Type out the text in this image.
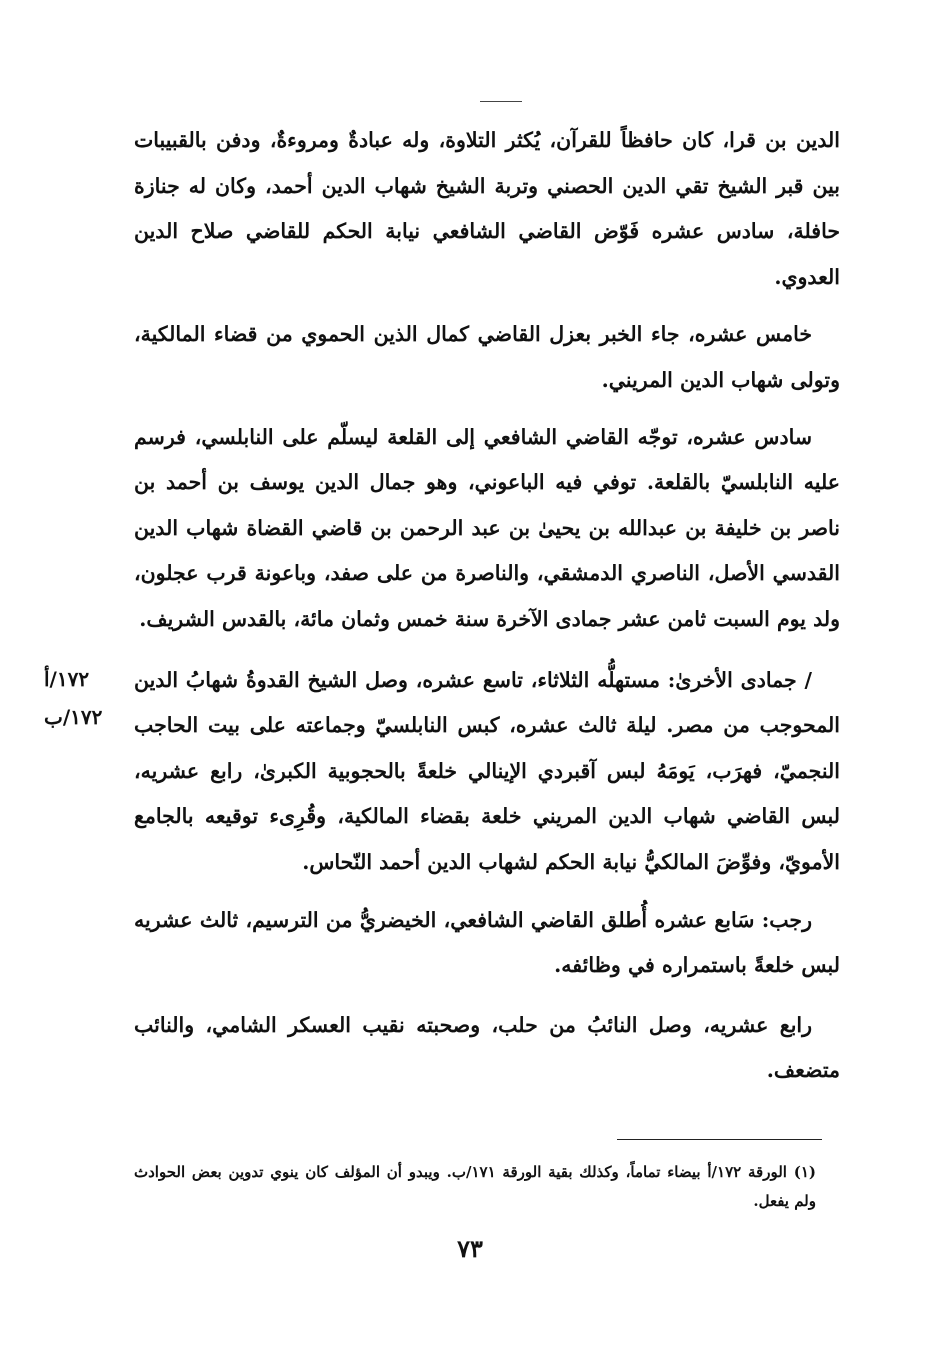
الدين بن قرا، كان حافظاً للقرآن، يُكثر التلاوة، وله عبادةٌ ومروءةٌ، ودفن بالقبيبات بين قبر الشيخ تقي الدين الحصني وتربة الشيخ شهاب الدين أحمد، وكان له جنازة حافلة، سادس عشره فَوّض القاضي الشافعي نيابة الحكم للقاضي صلاح الدين العدوي.

خامس عشره، جاء الخبر بعزل القاضي كمال الذين الحموي من قضاء المالكية، وتولى شهاب الدين المريني.

سادس عشره، توجّه القاضي الشافعي إلى القلعة ليسلّم على النابلسي، فرسم عليه النابلسيّ بالقلعة. توفي فيه الباعوني، وهو جمال الدين يوسف بن أحمد بن ناصر بن خليفة بن عبدالله بن يحيىٰ بن عبد الرحمن بن قاضي القضاة شهاب الدين القدسي الأصل، الناصري الدمشقي، والناصرة من على صفد، وباعونة قرب عجلون، ولد يوم السبت ثامن عشر جمادى الآخرة سنة خمس وثمان مائة، بالقدس الشريف.

/ جمادى الأخرىٰ: مستهلُّه الثلاثاء، تاسع عشره، وصل الشيخ القدوةُ شهابُ الدين المحوجب من مصر. ليلة ثالث عشره، كبس النابلسيّ وجماعته على بيت الحاجب النجميّ، فهرَب، يَومَهُ لبس آقبردي الإينالي خلعةً بالحجوبية الكبرىٰ، رابع عشريه، لبس القاضي شهاب الدين المريني خلعة بقضاء المالكية، وقُرِىء توقيعه بالجامع الأمويّ، وفوِّضَ المالكيُّ نيابة الحكم لشهاب الدين أحمد النّحاس.

رجب: سَابع عشره أُطلق القاضي الشافعي، الخيضريُّ من الترسيم، ثالث عشريه لبس خلعةً باستمراره في وظائفه.

رابع عشريه، وصل النائبُ من حلب، وصحبته نقيب العسكر الشامي، والنائب متضعف.

١٧٢/أ
١٧٢/ب
(١) الورقة ١٧٢/أ بيضاء تماماً، وكذلك بقية الورقة ١٧١/ب. ويبدو أن المؤلف كان ينوي تدوين بعض الحوادث ولم يفعل.
٧٣
